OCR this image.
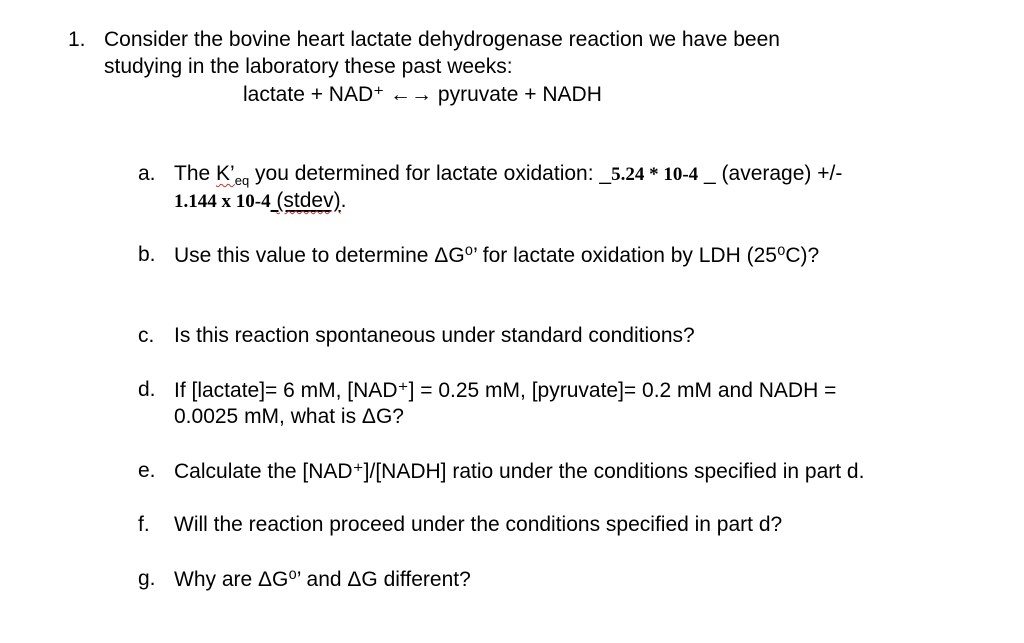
1. Consider the bovine heart lactate dehydrogenase reaction we have been
studying in the laboratory these past weeks:
lactate + NAD⁺ ←→ pyruvate + NADH
a. The $K’_{eq}$ you determined for lactate oxidation: _5.24 * 10-4 _ (average) +/-
1.144 x 10-4 (stdev).
b. Use this value to determine ΔG⁰’ for lactate oxidation by LDH (25⁰C)?
c. Is this reaction spontaneous under standard conditions?
d. If [lactate]= 6 mM, [NAD⁺] = 0.25 mM, [pyruvate]= 0.2 mM and NADH =
0.0025 mM, what is ΔG?
e. Calculate the [NAD⁺]/[NADH] ratio under the conditions specified in part d.
f. Will the reaction proceed under the conditions specified in part d?
g. Why are ΔG⁰’ and ΔG different?
